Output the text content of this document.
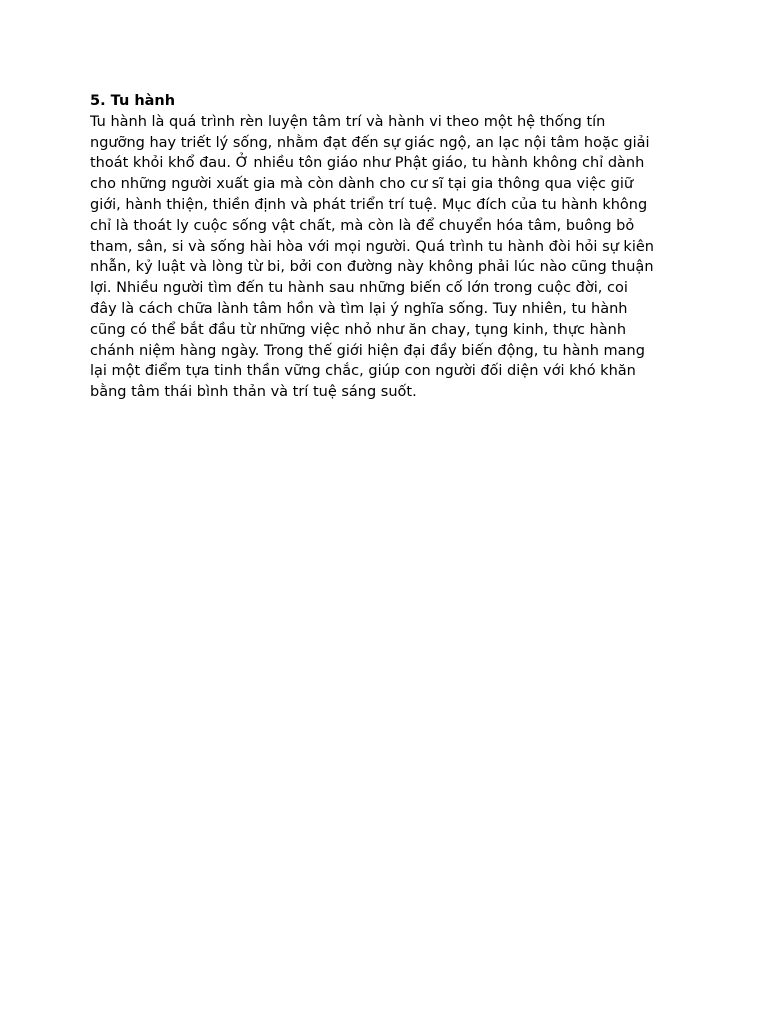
5. Tu hành

Tu hành là quá trình rèn luyện tâm trí và hành vi theo một hệ thống tín
ngưỡng hay triết lý sống, nhằm đạt đến sự giác ngộ, an lạc nội tâm hoặc giải
thoát khỏi khổ đau. Ở nhiều tôn giáo như Phật giáo, tu hành không chỉ dành
cho những người xuất gia mà còn dành cho cư sĩ tại gia thông qua việc giữ
giới, hành thiện, thiền định và phát triển trí tuệ. Mục đích của tu hành không
chỉ là thoát ly cuộc sống vật chất, mà còn là để chuyển hóa tâm, buông bỏ
tham, sân, si và sống hài hòa với mọi người. Quá trình tu hành đòi hỏi sự kiên
nhẫn, kỷ luật và lòng từ bi, bởi con đường này không phải lúc nào cũng thuận
lợi. Nhiều người tìm đến tu hành sau những biến cố lớn trong cuộc đời, coi
đây là cách chữa lành tâm hồn và tìm lại ý nghĩa sống. Tuy nhiên, tu hành
cũng có thể bắt đầu từ những việc nhỏ như ăn chay, tụng kinh, thực hành
chánh niệm hàng ngày. Trong thế giới hiện đại đầy biến động, tu hành mang
lại một điểm tựa tinh thần vững chắc, giúp con người đối diện với khó khăn
bằng tâm thái bình thản và trí tuệ sáng suốt.
